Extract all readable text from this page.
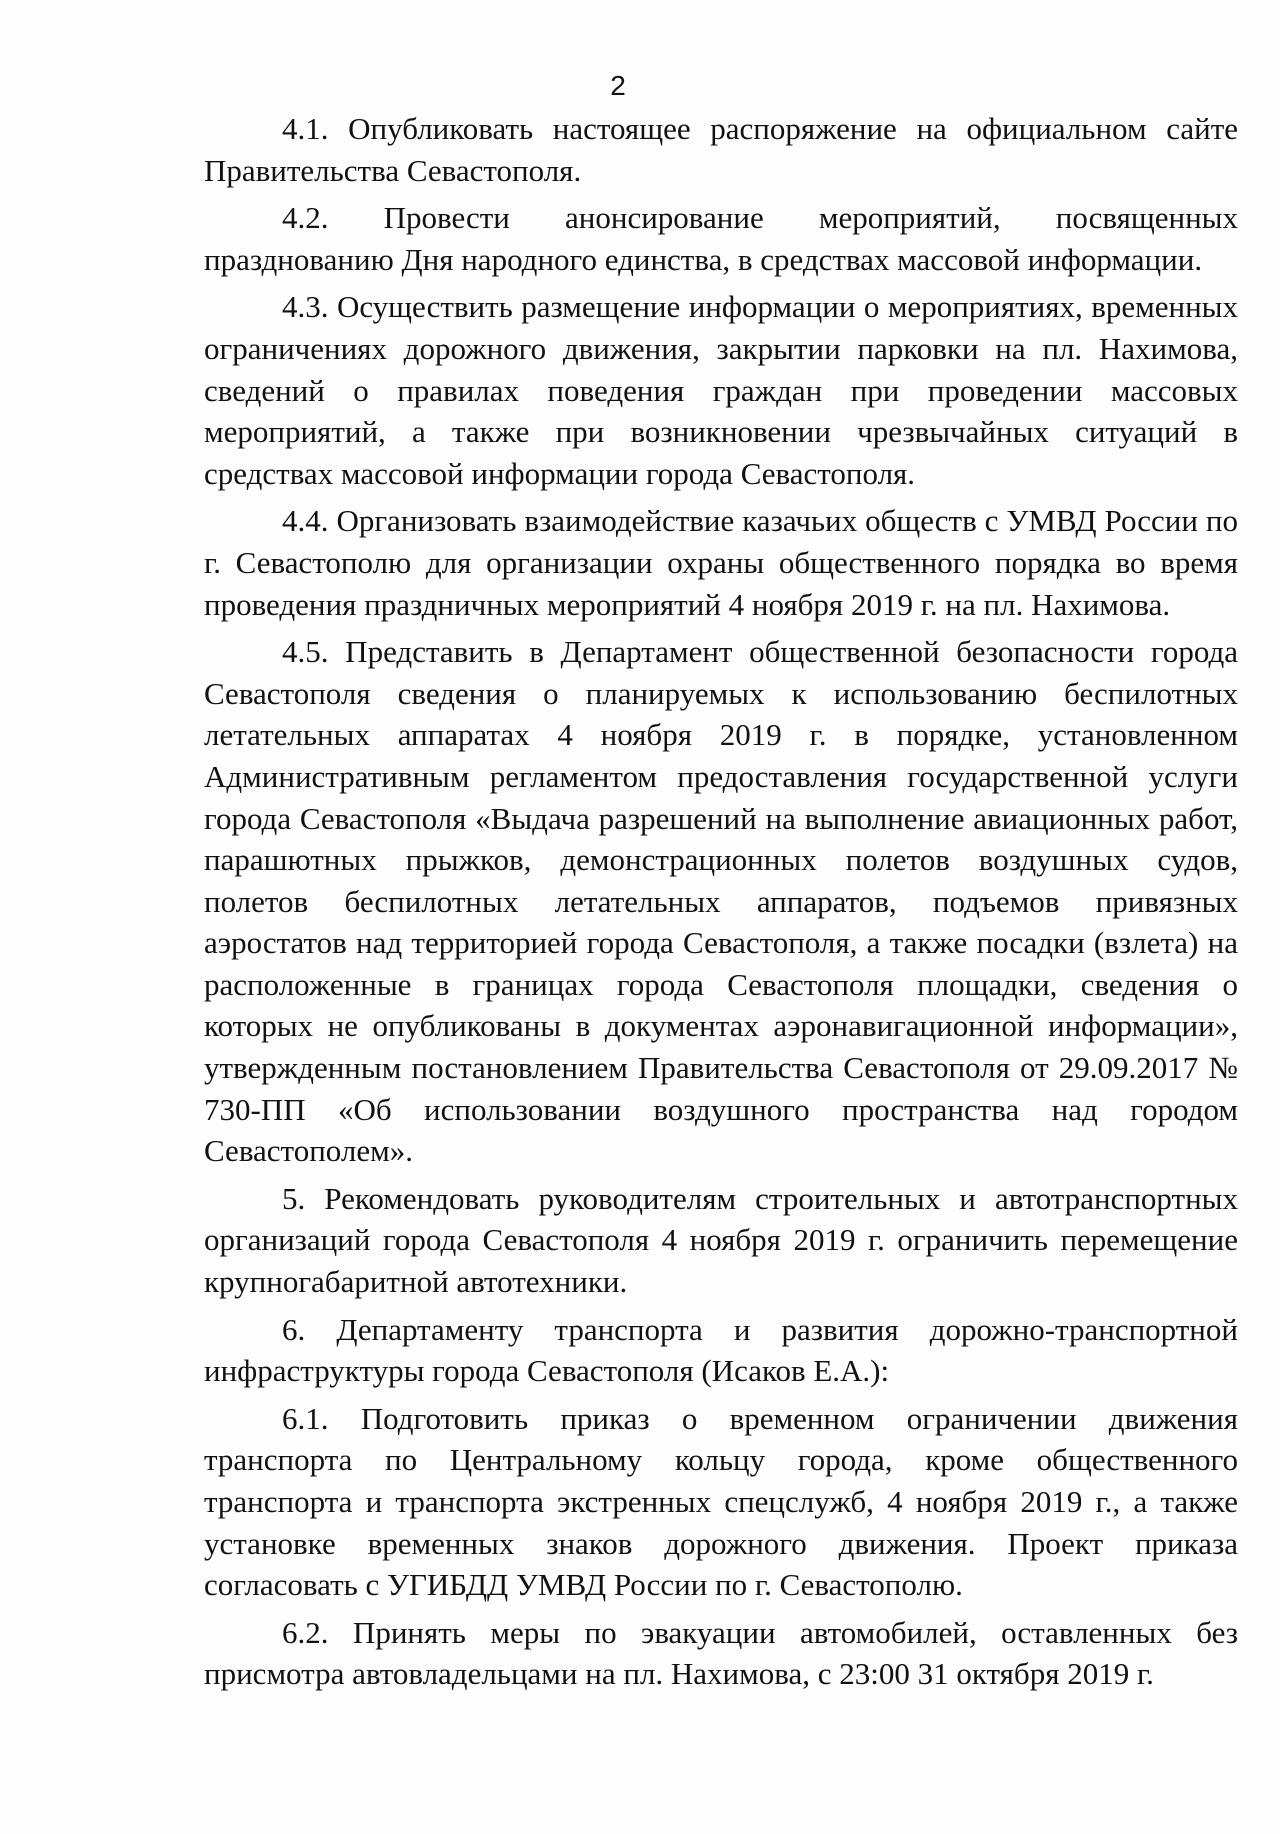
2

4.1. Опубликовать настоящее распоряжение на официальном сайте Правительства Севастополя.

4.2. Провести анонсирование мероприятий, посвященных празднованию Дня народного единства, в средствах массовой информации.

4.3. Осуществить размещение информации о мероприятиях, временных ограничениях дорожного движения, закрытии парковки на пл. Нахимова, сведений о правилах поведения граждан при проведении массовых мероприятий, а также при возникновении чрезвычайных ситуаций в средствах массовой информации города Севастополя.

4.4. Организовать взаимодействие казачьих обществ с УМВД России по г. Севастополю для организации охраны общественного порядка во время проведения праздничных мероприятий 4 ноября 2019 г. на пл. Нахимова.

4.5. Представить в Департамент общественной безопасности города Севастополя сведения о планируемых к использованию беспилотных летательных аппаратах 4 ноября 2019 г. в порядке, установленном Административным регламентом предоставления государственной услуги города Севастополя «Выдача разрешений на выполнение авиационных работ, парашютных прыжков, демонстрационных полетов воздушных судов, полетов беспилотных летательных аппаратов, подъемов привязных аэростатов над территорией города Севастополя, а также посадки (взлета) на расположенные в границах города Севастополя площадки, сведения о которых не опубликованы в документах аэронавигационной информации», утвержденным постановлением Правительства Севастополя от 29.09.2017 № 730-ПП «Об использовании воздушного пространства над городом Севастополем».

5. Рекомендовать руководителям строительных и автотранспортных организаций города Севастополя 4 ноября 2019 г. ограничить перемещение крупногабаритной автотехники.

6. Департаменту транспорта и развития дорожно-транспортной инфраструктуры города Севастополя (Исаков Е.А.):

6.1. Подготовить приказ о временном ограничении движения транспорта по Центральному кольцу города, кроме общественного транспорта и транспорта экстренных спецслужб, 4 ноября 2019 г., а также установке временных знаков дорожного движения. Проект приказа согласовать с УГИБДД УМВД России по г. Севастополю.

6.2. Принять меры по эвакуации автомобилей, оставленных без присмотра автовладельцами на пл. Нахимова, с 23:00 31 октября 2019 г.
